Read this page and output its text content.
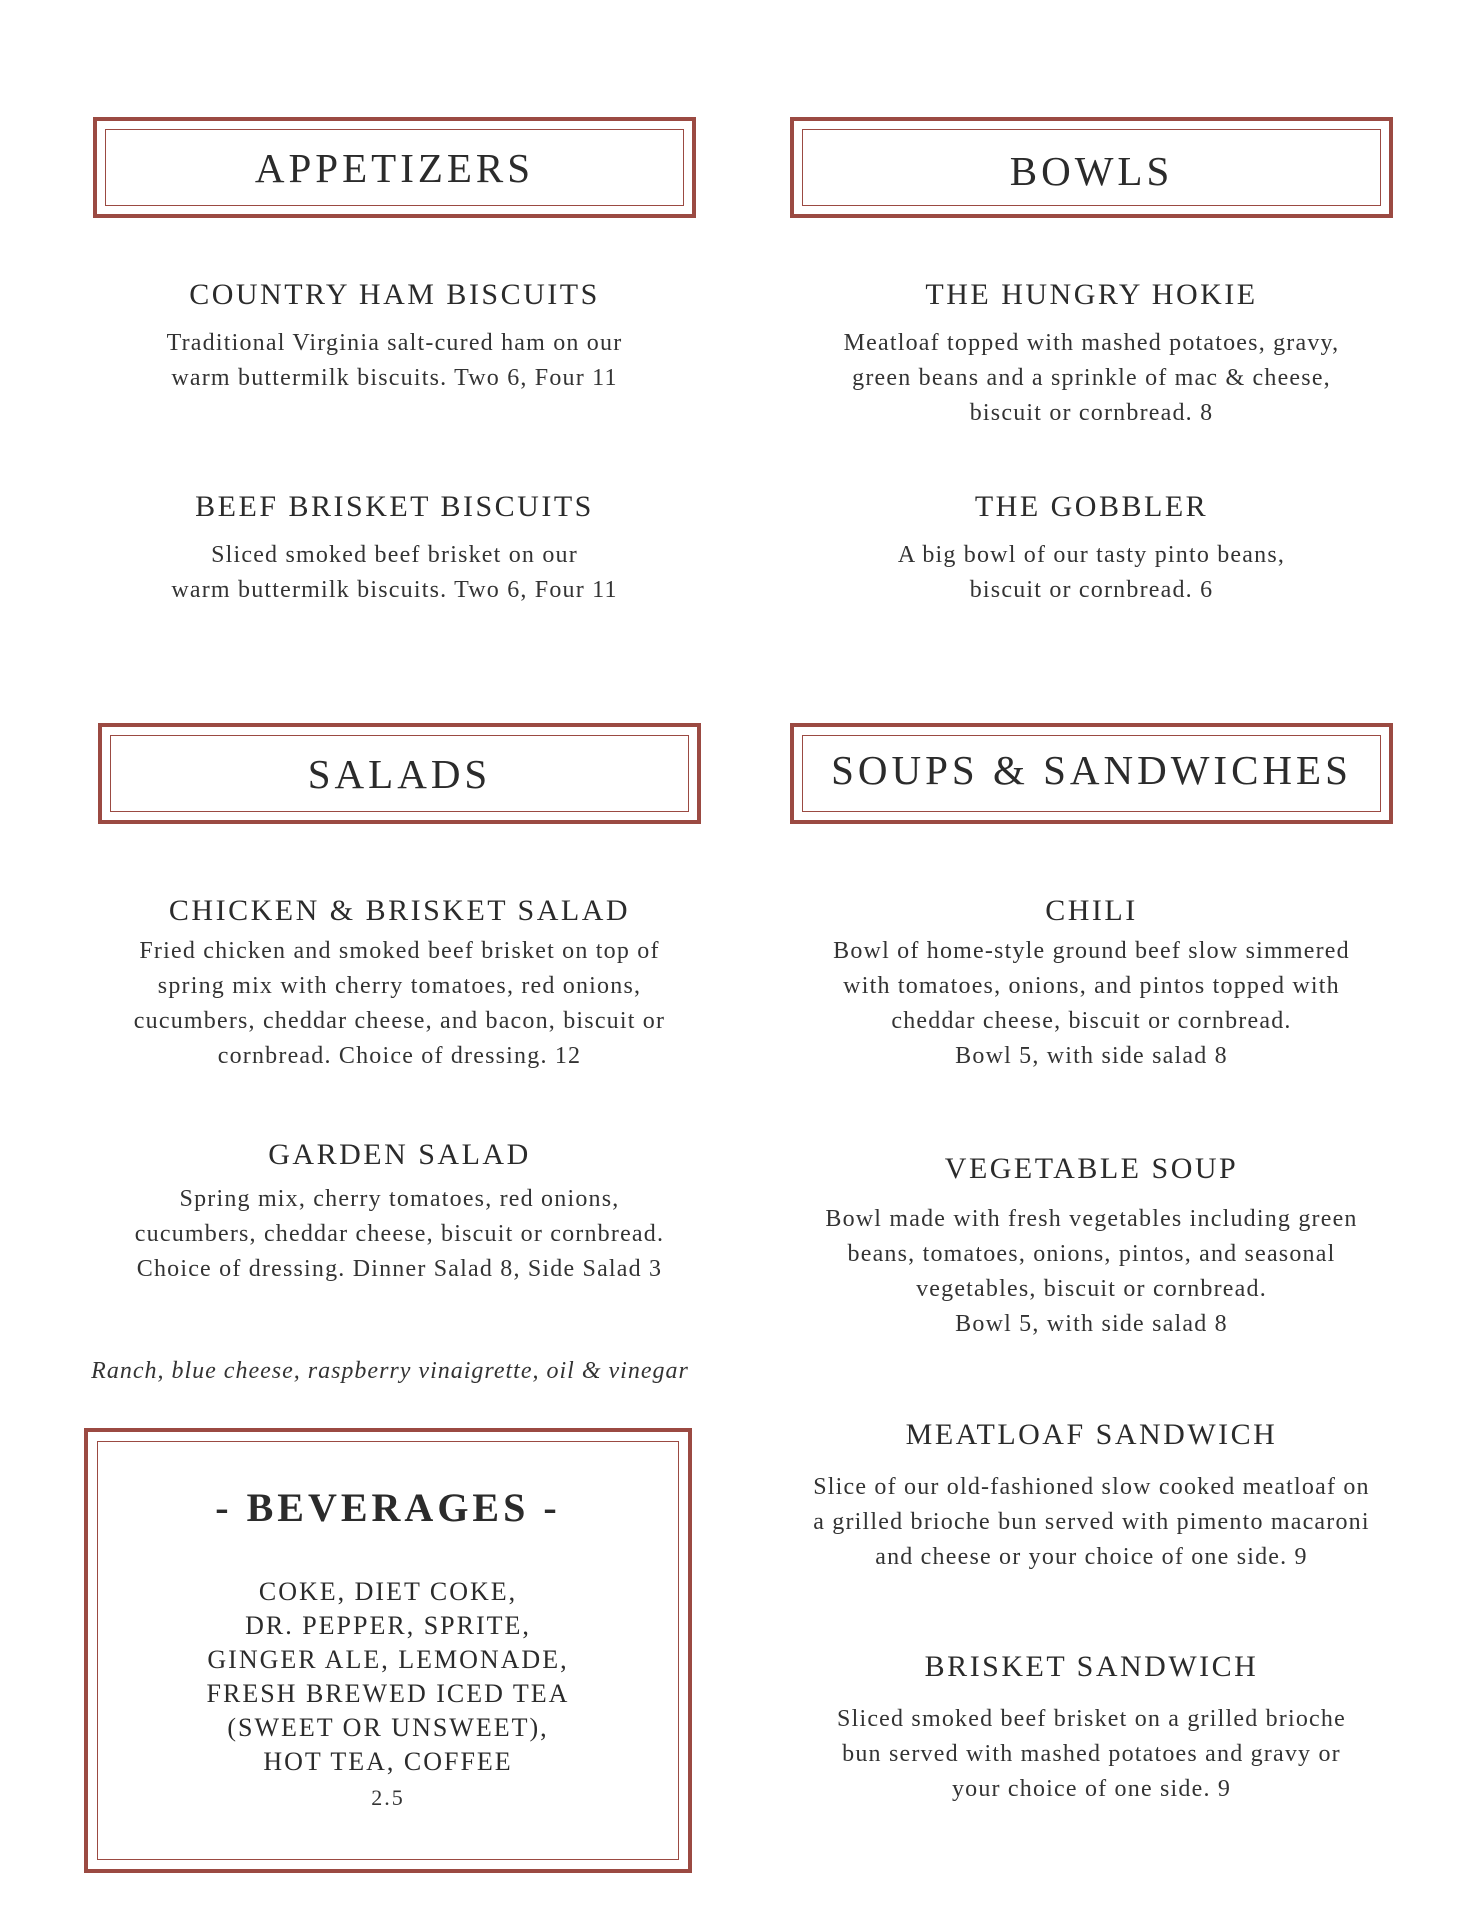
APPETIZERS	BOWLS

COUNTRY HAM BISCUITS

Traditional Virginia salt-cured ham on our
warm buttermilk biscuits. Two 6, Four 11

BEEF BRISKET BISCUITS

Sliced smoked beef brisket on our
warm buttermilk biscuits. Two 6, Four 11

THE HUNGRY HOKIE

Meatloaf topped with mashed potatoes, gravy,
green beans and a sprinkle of mac & cheese,
biscuit or cornbread. 8

THE GOBBLER

A big bowl of our tasty pinto beans,
biscuit or cornbread. 6

SALADS	SOUPS & SANDWICHES

CHICKEN & BRISKET SALAD

Fried chicken and smoked beef brisket on top of
spring mix with cherry tomatoes, red onions,
cucumbers, cheddar cheese, and bacon, biscuit or
cornbread. Choice of dressing. 12

GARDEN SALAD

Spring mix, cherry tomatoes, red onions,
cucumbers, cheddar cheese, biscuit or cornbread.
Choice of dressing. Dinner Salad 8, Side Salad 3

Ranch, blue cheese, raspberry vinaigrette, oil & vinegar

CHILI

Bowl of home-style ground beef slow simmered
with tomatoes, onions, and pintos topped with
cheddar cheese, biscuit or cornbread.
Bowl 5, with side salad 8

VEGETABLE SOUP

Bowl made with fresh vegetables including green
beans, tomatoes, onions, pintos, and seasonal
vegetables, biscuit or cornbread.
Bowl 5, with side salad 8

MEATLOAF SANDWICH

Slice of our old-fashioned slow cooked meatloaf on
a grilled brioche bun served with pimento macaroni
and cheese or your choice of one side. 9

BRISKET SANDWICH

Sliced smoked beef brisket on a grilled brioche
bun served with mashed potatoes and gravy or
your choice of one side. 9

- BEVERAGES -
COKE, DIET COKE,
DR. PEPPER, SPRITE,
GINGER ALE, LEMONADE,
FRESH BREWED ICED TEA
(SWEET OR UNSWEET),
HOT TEA, COFFEE
2.5
